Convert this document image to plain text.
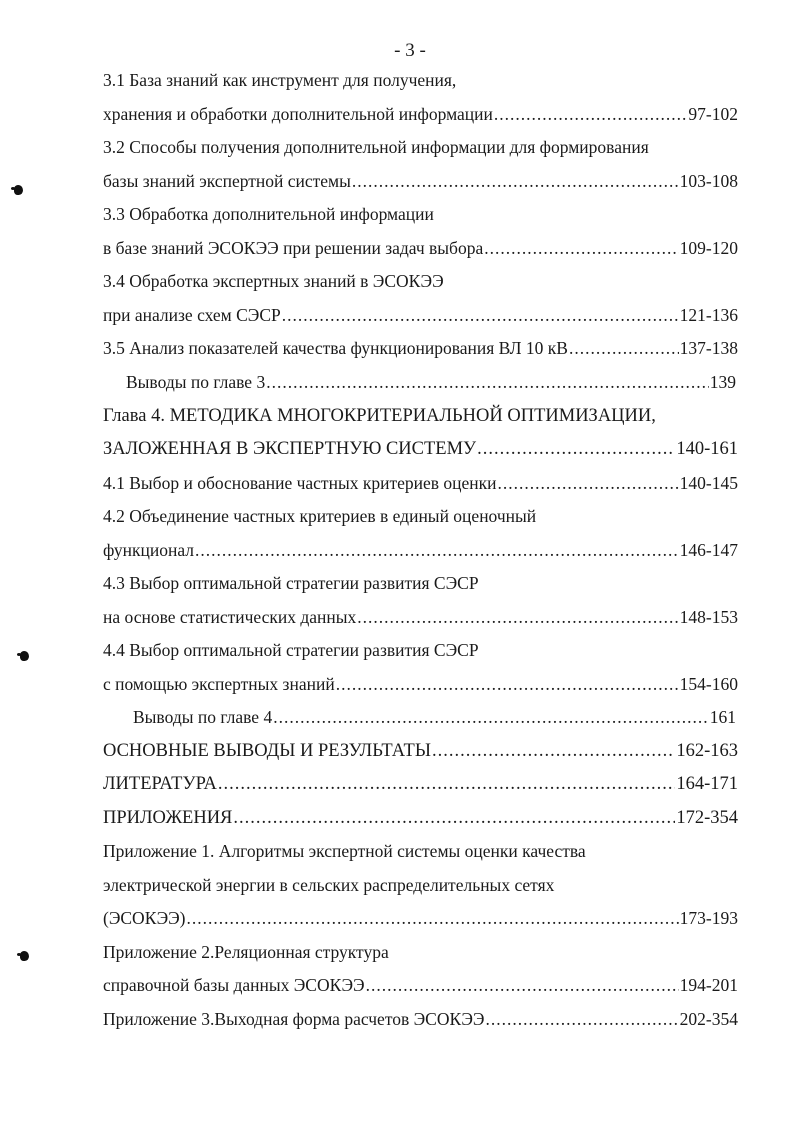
- 3 -
3.1 База знаний как инструмент для получения,
хранения и обработки дополнительной информации .....	97-102
3.2 Способы получения дополнительной информации для формирования
базы знаний экспертной системы .....	103-108
3.3 Обработка дополнительной информации
в базе знаний ЭСОКЭЭ при решении задач выбора .....	109-120
3.4 Обработка экспертных знаний в ЭСОКЭЭ
при анализе схем СЭСР .....	121-136
3.5 Анализ показателей качества функционирования ВЛ 10 кВ .....	137-138
Выводы по главе 3 .....	139
Глава 4. МЕТОДИКА МНОГОКРИТЕРИАЛЬНОЙ ОПТИМИЗАЦИИ,
ЗАЛОЖЕННАЯ В ЭКСПЕРТНУЮ СИСТЕМУ .....	140-161
4.1 Выбор и обоснование частных критериев оценки .....	140-145
4.2 Объединение частных критериев в единый оценочный
функционал .....	146-147
4.3 Выбор оптимальной стратегии развития СЭСР
на основе статистических данных .....	148-153
4.4 Выбор оптимальной стратегии развития СЭСР
с помощью экспертных знаний .....	154-160
Выводы по главе 4 .....	161
ОСНОВНЫЕ ВЫВОДЫ И РЕЗУЛЬТАТЫ .....	162-163
ЛИТЕРАТУРА .....	164-171
ПРИЛОЖЕНИЯ .....	172-354
Приложение 1. Алгоритмы экспертной системы оценки качества
электрической энергии в сельских распределительных сетях
(ЭСОКЭЭ) .....	173-193
Приложение 2.Реляционная структура
справочной базы данных ЭСОКЭЭ .....	194-201
Приложение 3.Выходная форма расчетов ЭСОКЭЭ .....	202-354
